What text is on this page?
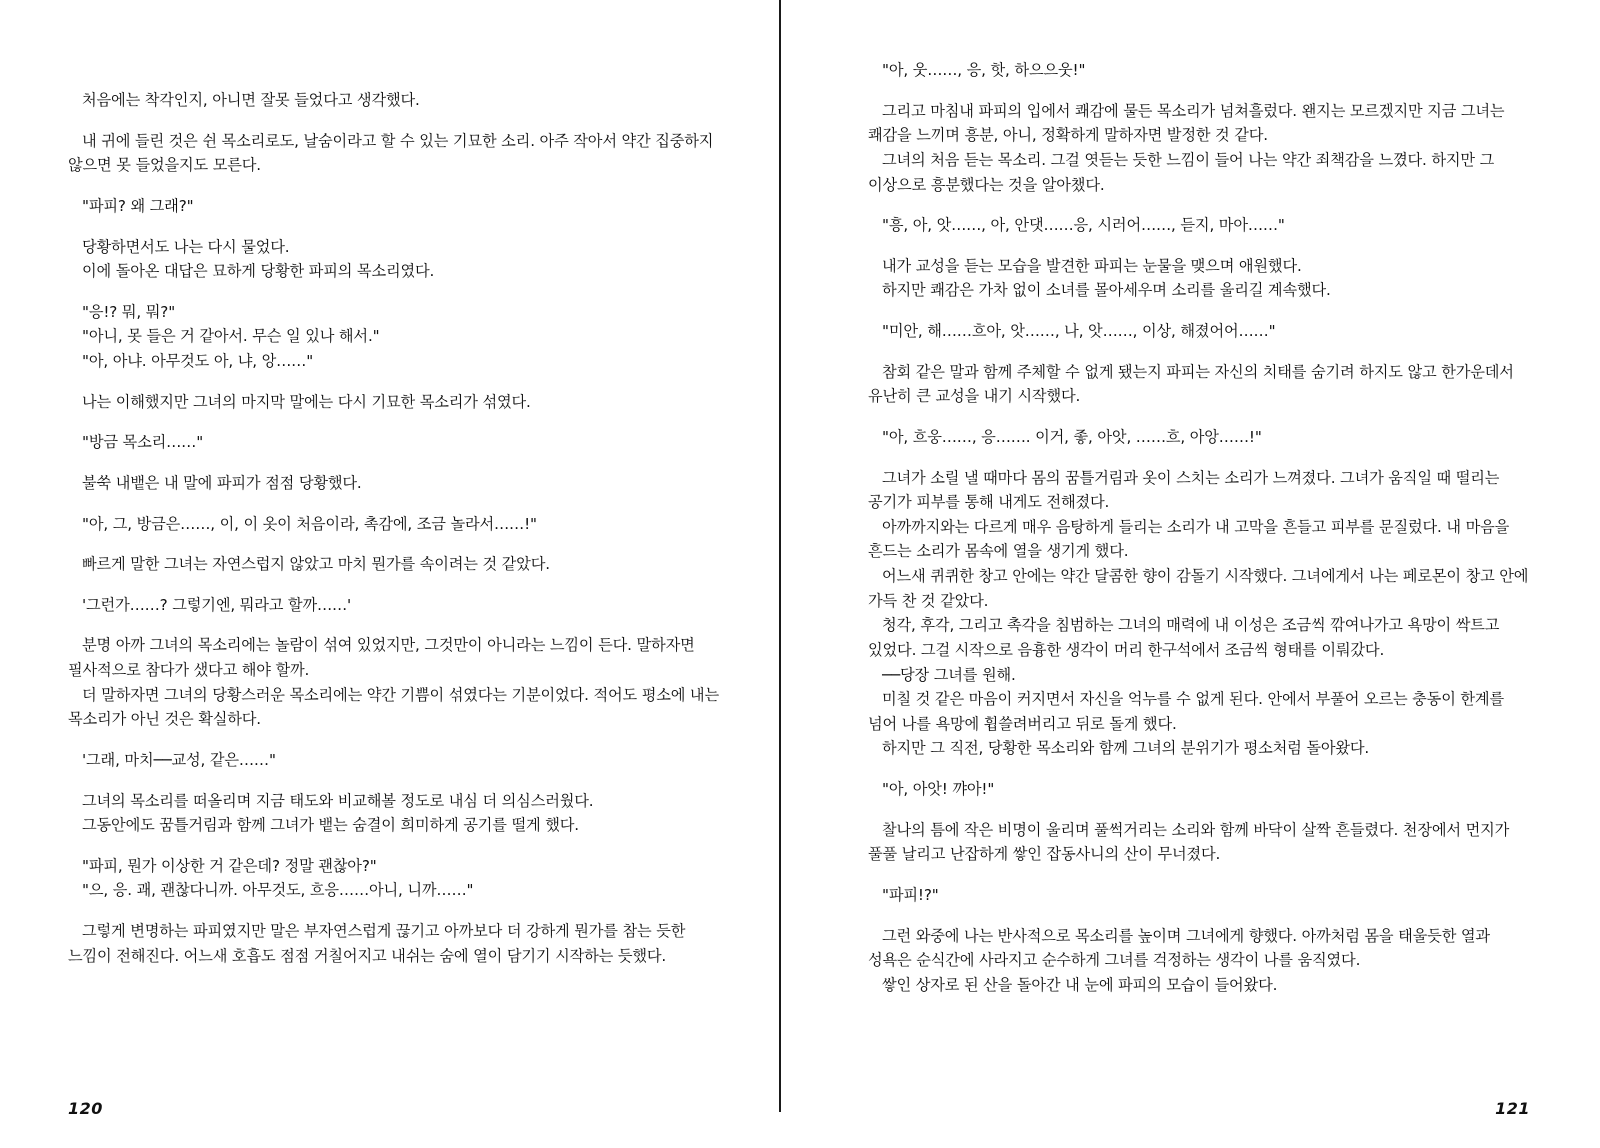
처음에는 착각인지, 아니면 잘못 들었다고 생각했다.

내 귀에 들린 것은 쉰 목소리로도, 날숨이라고 할 수 있는 기묘한 소리. 아주 작아서 약간 집중하지 않으면 못 들었을지도 모른다.

"파피? 왜 그래?"

당황하면서도 나는 다시 물었다.
이에 돌아온 대답은 묘하게 당황한 파피의 목소리였다.

"응!? 뭐, 뭐?"
"아니, 못 들은 거 같아서. 무슨 일 있나 해서."
"아, 아냐. 아무것도 아, 냐, 앙……"

나는 이해했지만 그녀의 마지막 말에는 다시 기묘한 목소리가 섞였다.

"방금 목소리……"

불쑥 내뱉은 내 말에 파피가 점점 당황했다.

"아, 그, 방금은……, 이, 이 옷이 처음이라, 촉감에, 조금 놀라서……!"

빠르게 말한 그녀는 자연스럽지 않았고 마치 뭔가를 속이려는 것 같았다.

'그런가……? 그렇기엔, 뭐라고 할까……'

분명 아까 그녀의 목소리에는 놀람이 섞여 있었지만, 그것만이 아니라는 느낌이 든다. 말하자면 필사적으로 참다가 샜다고 해야 할까.

더 말하자면 그녀의 당황스러운 목소리에는 약간 기쁨이 섞였다는 기분이었다. 적어도 평소에 내는 목소리가 아닌 것은 확실하다.

'그래, 마치──교성, 같은……"

그녀의 목소리를 떠올리며 지금 태도와 비교해볼 정도로 내심 더 의심스러웠다.

그동안에도 꿈틀거림과 함께 그녀가 뱉는 숨결이 희미하게 공기를 떨게 했다.

"파피, 뭔가 이상한 거 같은데? 정말 괜찮아?"
"으, 응. 괘, 괜찮다니까. 아무것도, 흐응……아니, 니까……"

그렇게 변명하는 파피였지만 말은 부자연스럽게 끊기고 아까보다 더 강하게 뭔가를 참는 듯한 느낌이 전해진다. 어느새 호흡도 점점 거칠어지고 내쉬는 숨에 열이 담기기 시작하는 듯했다.

120

"아, 웃……, 응, 핫, 하으으웃!"

그리고 마침내 파피의 입에서 쾌감에 물든 목소리가 넘쳐흘렀다. 왠지는 모르겠지만 지금 그녀는 쾌감을 느끼며 흥분, 아니, 정확하게 말하자면 발정한 것 같다.

그녀의 처음 듣는 목소리. 그걸 엿듣는 듯한 느낌이 들어 나는 약간 죄책감을 느꼈다. 하지만 그 이상으로 흥분했다는 것을 알아챘다.

"흥, 아, 앗……, 아, 안댓……응, 시러어……, 듣지, 마아……"

내가 교성을 듣는 모습을 발견한 파피는 눈물을 맺으며 애원했다.

하지만 쾌감은 가차 없이 소녀를 몰아세우며 소리를 울리길 계속했다.

"미안, 해……흐아, 앗……, 나, 앗……, 이상, 해졌어어……"

참회 같은 말과 함께 주체할 수 없게 됐는지 파피는 자신의 치태를 숨기려 하지도 않고 한가운데서 유난히 큰 교성을 내기 시작했다.

"아, 흐웅……, 응……. 이거, 좋, 아앗, ……흐, 아앙……!"

그녀가 소릴 낼 때마다 몸의 꿈틀거림과 옷이 스치는 소리가 느껴졌다. 그녀가 움직일 때 떨리는 공기가 피부를 통해 내게도 전해졌다.

아까까지와는 다르게 매우 음탕하게 들리는 소리가 내 고막을 흔들고 피부를 문질렀다. 내 마음을 흔드는 소리가 몸속에 열을 생기게 했다.

어느새 퀴퀴한 창고 안에는 약간 달콤한 향이 감돌기 시작했다. 그녀에게서 나는 페로몬이 창고 안에 가득 찬 것 같았다.

청각, 후각, 그리고 촉각을 침범하는 그녀의 매력에 내 이성은 조금씩 깎여나가고 욕망이 싹트고 있었다. 그걸 시작으로 음흉한 생각이 머리 한구석에서 조금씩 형태를 이뤄갔다.

──당장 그녀를 원해.

미칠 것 같은 마음이 커지면서 자신을 억누를 수 없게 된다. 안에서 부풀어 오르는 충동이 한계를 넘어 나를 욕망에 휩쓸려버리고 뒤로 돌게 했다.

하지만 그 직전, 당황한 목소리와 함께 그녀의 분위기가 평소처럼 돌아왔다.

"아, 아앗! 꺄아!"

찰나의 틈에 작은 비명이 울리며 풀썩거리는 소리와 함께 바닥이 살짝 흔들렸다. 천장에서 먼지가 풀풀 날리고 난잡하게 쌓인 잡동사니의 산이 무너졌다.

"파피!?"

그런 와중에 나는 반사적으로 목소리를 높이며 그녀에게 향했다. 아까처럼 몸을 태울듯한 열과 성욕은 순식간에 사라지고 순수하게 그녀를 걱정하는 생각이 나를 움직였다.

쌓인 상자로 된 산을 돌아간 내 눈에 파피의 모습이 들어왔다.

121
